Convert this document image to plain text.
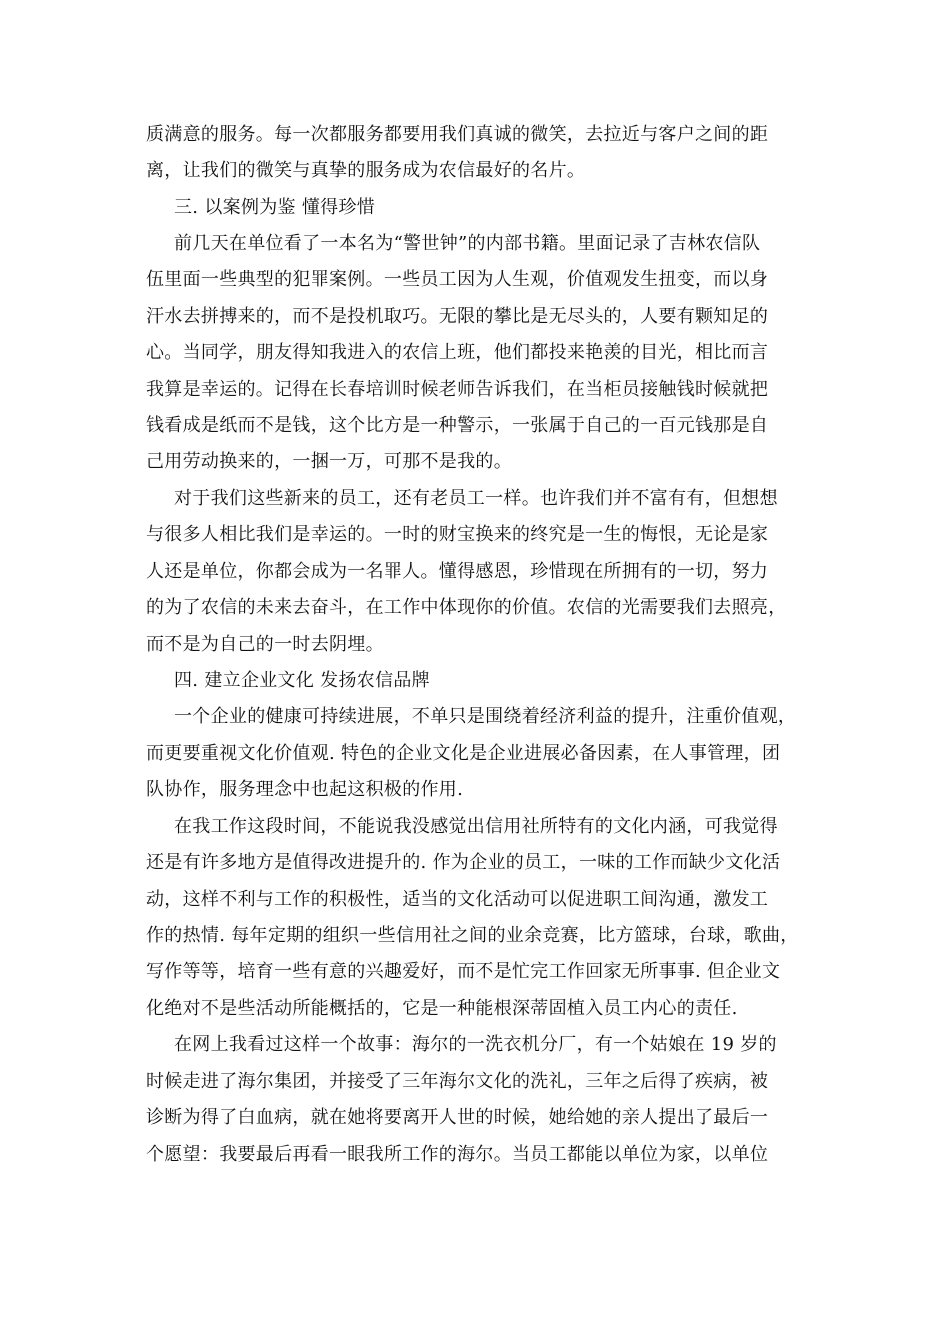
质满意的服务。每一次都服务都要用我们真诚的微笑，去拉近与客户之间的距
离，让我们的微笑与真挚的服务成为农信最好的名片。
三. 以案例为鉴 懂得珍惜
前几天在单位看了一本名为“警世钟”的内部书籍。里面记录了吉林农信队
伍里面一些典型的犯罪案例。一些员工因为人生观，价值观发生扭变，而以身
汗水去拼搏来的，而不是投机取巧。无限的攀比是无尽头的，人要有颗知足的
心。当同学，朋友得知我进入的农信上班，他们都投来艳羡的目光，相比而言
我算是幸运的。记得在长春培训时候老师告诉我们，在当柜员接触钱时候就把
钱看成是纸而不是钱，这个比方是一种警示，一张属于自己的一百元钱那是自
己用劳动换来的，一捆一万，可那不是我的。
对于我们这些新来的员工，还有老员工一样。也许我们并不富有有，但想想
与很多人相比我们是幸运的。一时的财宝换来的终究是一生的悔恨，无论是家
人还是单位，你都会成为一名罪人。懂得感恩，珍惜现在所拥有的一切，努力
的为了农信的未来去奋斗，在工作中体现你的价值。农信的光需要我们去照亮，
而不是为自己的一时去阴埋。
四. 建立企业文化 发扬农信品牌
一个企业的健康可持续进展，不单只是围绕着经济利益的提升，注重价值观，
而更要重视文化价值观. 特色的企业文化是企业进展必备因素，在人事管理，团
队协作，服务理念中也起这积极的作用.
在我工作这段时间，不能说我没感觉出信用社所特有的文化内涵，可我觉得
还是有许多地方是值得改进提升的. 作为企业的员工，一味的工作而缺少文化活
动，这样不利与工作的积极性，适当的文化活动可以促进职工间沟通，激发工
作的热情. 每年定期的组织一些信用社之间的业余竞赛，比方篮球，台球，歌曲，
写作等等，培育一些有意的兴趣爱好，而不是忙完工作回家无所事事. 但企业文
化绝对不是些活动所能概括的，它是一种能根深蒂固植入员工内心的责任.
在网上我看过这样一个故事：海尔的一洗衣机分厂，有一个姑娘在 19 岁的
时候走进了海尔集团，并接受了三年海尔文化的洗礼，三年之后得了疾病，被
诊断为得了白血病，就在她将要离开人世的时候，她给她的亲人提出了最后一
个愿望：我要最后再看一眼我所工作的海尔。当员工都能以单位为家，以单位
